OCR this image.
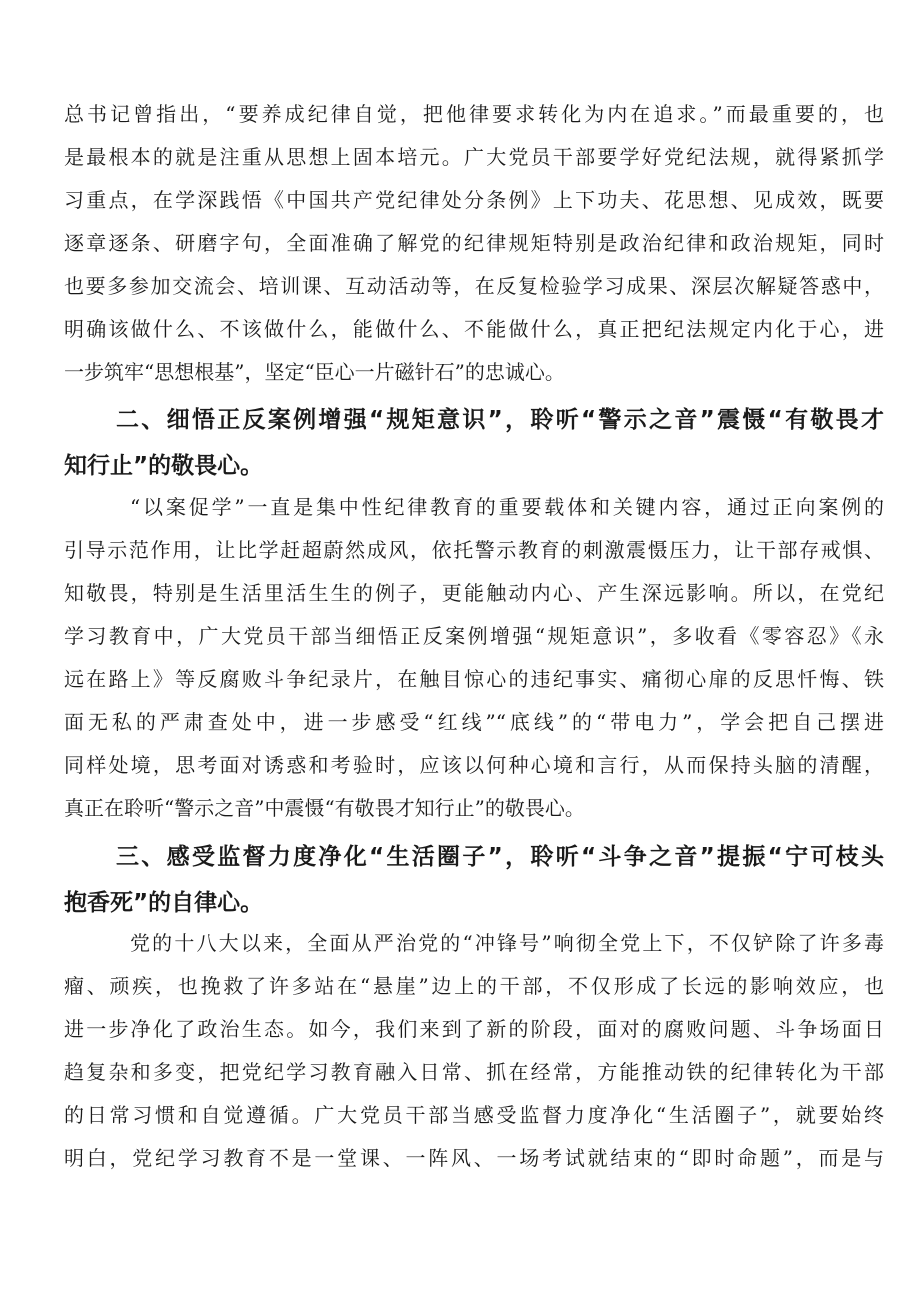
总书记曾指出，“要养成纪律自觉，把他律要求转化为内在追求。”而最重要的，也
是最根本的就是注重从思想上固本培元。广大党员干部要学好党纪法规，就得紧抓学
习重点，在学深践悟《中国共产党纪律处分条例》上下功夫、花思想、见成效，既要
逐章逐条、研磨字句，全面准确了解党的纪律规矩特别是政治纪律和政治规矩，同时
也要多参加交流会、培训课、互动活动等，在反复检验学习成果、深层次解疑答惑中，
明确该做什么、不该做什么，能做什么、不能做什么，真正把纪法规定内化于心，进
一步筑牢“思想根基”，坚定“臣心一片磁针石”的忠诚心。
二、细悟正反案例增强“规矩意识”，聆听“警示之音”震慑“有敬畏才
知行止”的敬畏心。
“以案促学”一直是集中性纪律教育的重要载体和关键内容，通过正向案例的
引导示范作用，让比学赶超蔚然成风，依托警示教育的刺激震慑压力，让干部存戒惧、
知敬畏，特别是生活里活生生的例子，更能触动内心、产生深远影响。所以，在党纪
学习教育中，广大党员干部当细悟正反案例增强“规矩意识”，多收看《零容忍》《永
远在路上》等反腐败斗争纪录片，在触目惊心的违纪事实、痛彻心扉的反思忏悔、铁
面无私的严肃查处中，进一步感受“红线”“底线”的“带电力”，学会把自己摆进
同样处境，思考面对诱惑和考验时，应该以何种心境和言行，从而保持头脑的清醒，
真正在聆听“警示之音”中震慑“有敬畏才知行止”的敬畏心。
三、感受监督力度净化“生活圈子”，聆听“斗争之音”提振“宁可枝头
抱香死”的自律心。
党的十八大以来，全面从严治党的“冲锋号”响彻全党上下，不仅铲除了许多毒
瘤、顽疾，也挽救了许多站在“悬崖”边上的干部，不仅形成了长远的影响效应，也
进一步净化了政治生态。如今，我们来到了新的阶段，面对的腐败问题、斗争场面日
趋复杂和多变，把党纪学习教育融入日常、抓在经常，方能推动铁的纪律转化为干部
的日常习惯和自觉遵循。广大党员干部当感受监督力度净化“生活圈子”，就要始终
明白，党纪学习教育不是一堂课、一阵风、一场考试就结束的“即时命题”，而是与
